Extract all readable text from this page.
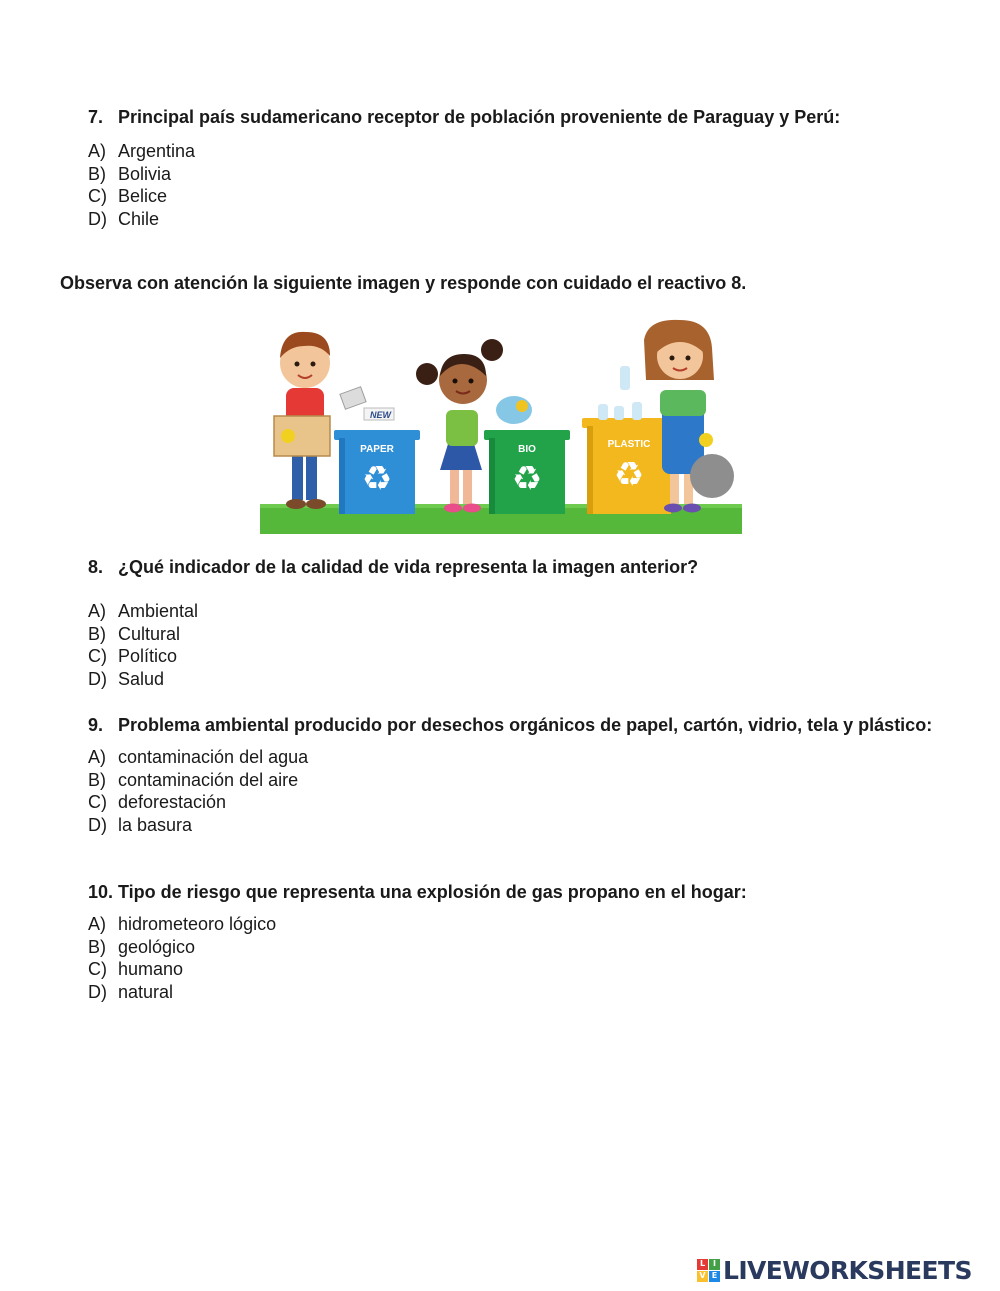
7. Principal país sudamericano receptor de población proveniente de Paraguay y Perú:
A) Argentina
B) Bolivia
C) Belice
D) Chile
Observa con atención la siguiente imagen y responde con cuidado el reactivo 8.
NEW
PAPER
♻
BIO
♻
PLASTIC
♻
8. ¿Qué indicador de la calidad de vida representa la imagen anterior?
A) Ambiental
B) Cultural
C) Político
D) Salud
9. Problema ambiental producido por desechos orgánicos de papel, cartón, vidrio, tela y plástico:
A) contaminación del agua
B) contaminación del aire
C) deforestación
D) la basura
10. Tipo de riesgo que representa una explosión de gas propano en el hogar:
A) hidrometeoro lógico
B) geológico
C) humano
D) natural
L I
V E LIVEWORKSHEETS
